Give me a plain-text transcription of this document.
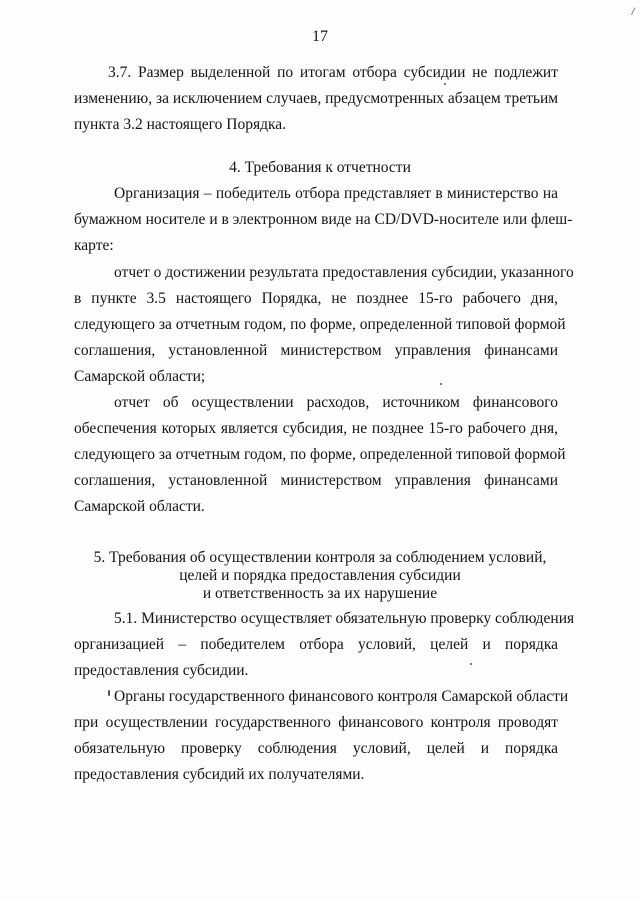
17
3.7. Размер выделенной по итогам отбора субсидии не подлежит
изменению, за исключением случаев, предусмотренных абзацем третьим
пункта 3.2 настоящего Порядка.
4. Требования к отчетности
Организация – победитель отбора представляет в министерство на
бумажном носителе и в электронном виде на CD/DVD-носителе или флеш-
карте:
отчет о достижении результата предоставления субсидии, указанного
в пункте 3.5 настоящего Порядка, не позднее 15-го рабочего дня,
следующего за отчетным годом, по форме, определенной типовой формой
соглашения, установленной министерством управления финансами
Самарской области;
отчет об осуществлении расходов, источником финансового
обеспечения которых является субсидия, не позднее 15-го рабочего дня,
следующего за отчетным годом, по форме, определенной типовой формой
соглашения, установленной министерством управления финансами
Самарской области.
5. Требования об осуществлении контроля за соблюдением условий,
целей и порядка предоставления субсидии
и ответственность за их нарушение
5.1. Министерство осуществляет обязательную проверку соблюдения
организацией – победителем отбора условий, целей и порядка
предоставления субсидии.
Органы государственного финансового контроля Самарской области
при осуществлении государственного финансового контроля проводят
обязательную проверку соблюдения условий, целей и порядка
предоставления субсидий их получателями.
